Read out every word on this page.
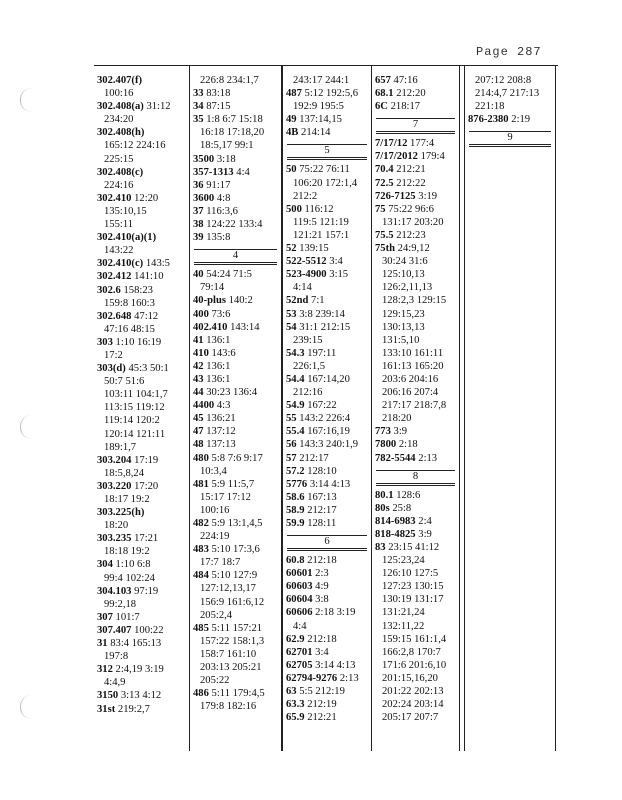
Page 287
302.407(f)
100:16
302.408(a) 31:12
234:20
302.408(h)
165:12 224:16
225:15
302.408(c)
224:16
302.410 12:20
135:10,15
155:11
302.410(a)(1)
143:22
302.410(c) 143:5
302.412 141:10
302.6 158:23
159:8 160:3
302.648 47:12
47:16 48:15
303 1:10 16:19
17:2
303(d) 45:3 50:1
50:7 51:6
103:11 104:1,7
113:15 119:12
119:14 120:2
120:14 121:11
189:1,7
303.204 17:19
18:5,8,24
303.220 17:20
18:17 19:2
303.225(h)
18:20
303.235 17:21
18:18 19:2
304 1:10 6:8
99:4 102:24
304.103 97:19
99:2,18
307 101:7
307.407 100:22
31 83:4 165:13
197:8
312 2:4,19 3:19
4:4,9
3150 3:13 4:12
31st 219:2,7
226:8 234:1,7
33 83:18
34 87:15
35 1:8 6:7 15:18
16:18 17:18,20
18:5,17 99:1
3500 3:18
357-1313 4:4
36 91:17
3600 4:8
37 116:3,6
38 124:22 133:4
39 135:8
4
40 54:24 71:5
79:14
40-plus 140:2
400 73:6
402.410 143:14
41 136:1
410 143:6
42 136:1
43 136:1
44 30:23 136:4
4400 4:3
45 136:21
47 137:12
48 137:13
480 5:8 7:6 9:17
10:3,4
481 5:9 11:5,7
15:17 17:12
100:16
482 5:9 13:1,4,5
224:19
483 5:10 17:3,6
17:7 18:7
484 5:10 127:9
127:12,13,17
156:9 161:6,12
205:2,4
485 5:11 157:21
157:22 158:1,3
158:7 161:10
203:13 205:21
205:22
486 5:11 179:4,5
179:8 182:16
243:17 244:1
487 5:12 192:5,6
192:9 195:5
49 137:14,15
4B 214:14
5
50 75:22 76:11
106:20 172:1,4
212:2
500 116:12
119:5 121:19
121:21 157:1
52 139:15
522-5512 3:4
523-4900 3:15
4:14
52nd 7:1
53 3:8 239:14
54 31:1 212:15
239:15
54.3 197:11
226:1,5
54.4 167:14,20
212:16
54.9 167:22
55 143:2 226:4
55.4 167:16,19
56 143:3 240:1,9
57 212:17
57.2 128:10
5776 3:14 4:13
58.6 167:13
58.9 212:17
59.9 128:11
6
60.8 212:18
60601 2:3
60603 4:9
60604 3:8
60606 2:18 3:19
4:4
62.9 212:18
62701 3:4
62705 3:14 4:13
62794-9276 2:13
63 5:5 212:19
63.3 212:19
65.9 212:21
657 47:16
68.1 212:20
6C 218:17
7
7/17/12 177:4
7/17/2012 179:4
70.4 212:21
72.5 212:22
726-7125 3:19
75 75:22 96:6
131:17 203:20
75.5 212:23
75th 24:9,12
30:24 31:6
125:10,13
126:2,11,13
128:2,3 129:15
129:15,23
130:13,13
131:5,10
133:10 161:11
161:13 165:20
203:6 204:16
206:16 207:4
217:17 218:7,8
218:20
773 3:9
7800 2:18
782-5544 2:13
8
80.1 128:6
80s 25:8
814-6983 2:4
818-4825 3:9
83 23:15 41:12
125:23,24
126:10 127:5
127:23 130:15
130:19 131:17
131:21,24
132:11,22
159:15 161:1,4
166:2,8 170:7
171:6 201:6,10
201:15,16,20
201:22 202:13
202:24 203:14
205:17 207:7
207:12 208:8
214:4,7 217:13
221:18
876-2380 2:19
9
